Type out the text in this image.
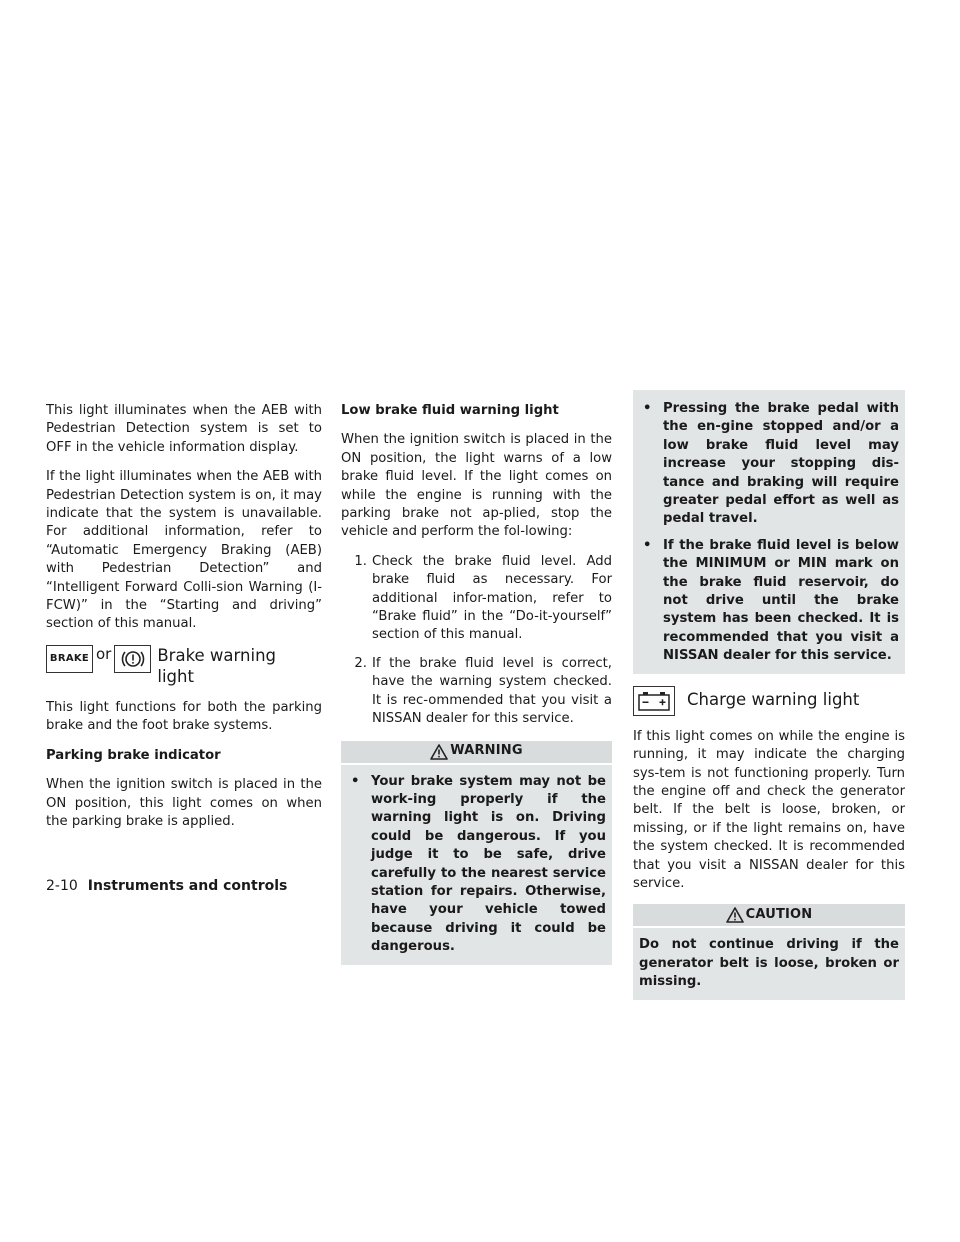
This light illuminates when the AEB with Pedestrian Detection system is set to OFF in the vehicle information display.

If the light illuminates when the AEB with Pedestrian Detection system is on, it may indicate that the system is unavailable. For additional information, refer to “Automatic Emergency Braking (AEB) with Pedestrian Detection” and “Intelligent Forward Colli-sion Warning (I-FCW)” in the “Starting and driving” section of this manual.

BRAKE or	Brake warning
light

This light functions for both the parking brake and the foot brake systems.

Parking brake indicator

When the ignition switch is placed in the ON position, this light comes on when the parking brake is applied.

Low brake fluid warning light

When the ignition switch is placed in the ON position, the light warns of a low brake fluid level. If the light comes on while the engine is running with the parking brake not ap-plied, stop the vehicle and perform the fol-lowing:

1. Check the brake fluid level. Add brake fluid as necessary. For additional infor-mation, refer to “Brake fluid” in the “Do-it-yourself” section of this manual.
2. If the brake fluid level is correct, have the warning system checked. It is rec-ommended that you visit a NISSAN dealer for this service.
WARNING
• Your brake system may not be work-ing properly if the warning light is on. Driving could be dangerous. If you judge it to be safe, drive carefully to the nearest service station for repairs. Otherwise, have your vehicle towed because driving it could be dangerous.
• Pressing the brake pedal with the en-gine stopped and/or a low brake fluid level may increase your stopping dis-tance and braking will require greater pedal effort as well as pedal travel.
• If the brake fluid level is below the MINIMUM or MIN mark on the brake fluid reservoir, do not drive until the brake system has been checked. It is recommended that you visit a NISSAN dealer for this service.
Charge warning light

If this light comes on while the engine is running, it may indicate the charging sys-tem is not functioning properly. Turn the engine off and check the generator belt. If the belt is loose, broken, or missing, or if the light remains on, have the system checked. It is recommended that you visit a NISSAN dealer for this service.

CAUTION
Do not continue driving if the generator belt is loose, broken or missing.
2-10 Instruments and controls
